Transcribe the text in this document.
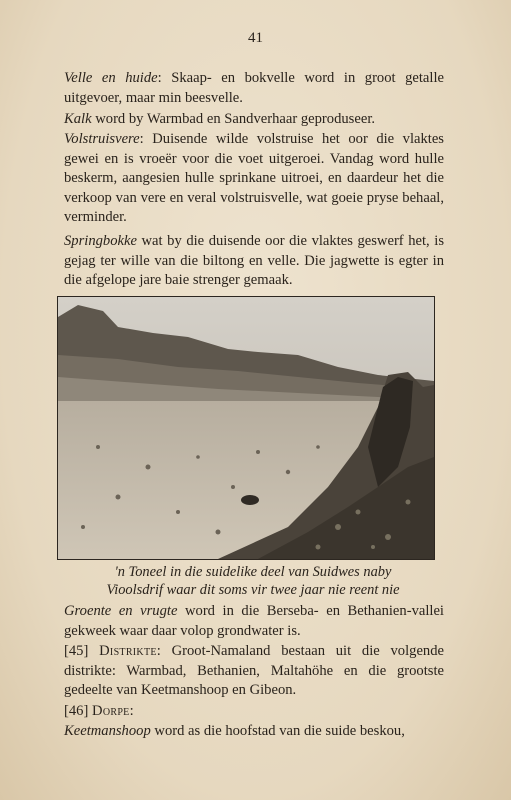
41

Velle en huide: Skaap- en bokvelle word in groot getalle uitgevoer, maar min beesvelle.

Kalk word by Warmbad en Sandverhaar geproduseer.

Volstruisvere: Duisende wilde volstruise het oor die vlaktes gewei en is vroeër voor die voet uitgeroei. Vandag word hulle beskerm, aangesien hulle sprinkane uitroei, en daardeur het die verkoop van vere en veral volstruisvelle, wat goeie pryse behaal, verminder.

Springbokke wat by die duisende oor die vlaktes geswerf het, is gejag ter wille van die biltong en velle. Die jagwette is egter in die afgelope jare baie strenger gemaak.

'n Toneel in die suidelike deel van Suidwes naby

Vioolsdrif waar dit soms vir twee jaar nie reent nie

Groente en vrugte word in die Berseba- en Bethanien-vallei gekweek waar daar volop grondwater is.

[45] Distrikte: Groot-Namaland bestaan uit die volgende distrikte: Warmbad, Bethanien, Maltahöhe en die grootste gedeelte van Keetmanshoop en Gibeon.

[46] Dorpe:

Keetmanshoop word as die hoofstad van die suide beskou,
